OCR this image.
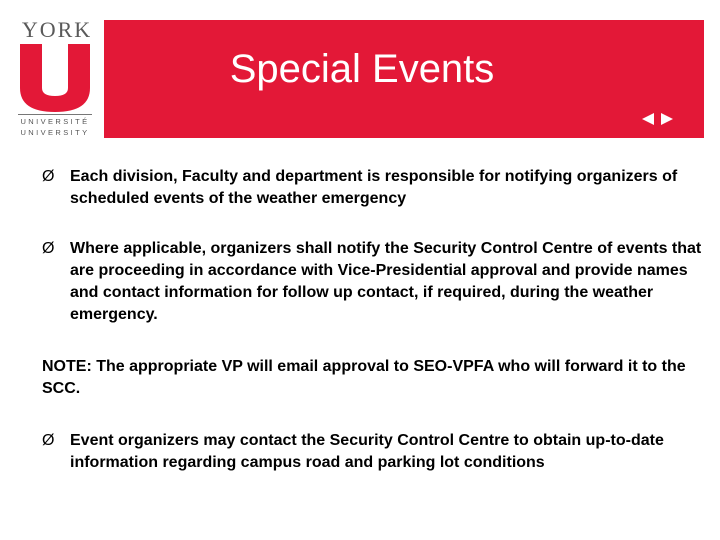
YORK
UNIVERSITÉ
UNIVERSITY
Special Events

Ø Each division, Faculty and department is responsible for notifying organizers of scheduled events of the weather emergency

Ø Where applicable, organizers shall notify the Security Control Centre of events that are proceeding in accordance with Vice-Presidential approval and provide names and contact information for follow up contact, if required, during the weather emergency.

NOTE: The appropriate VP will email approval to SEO-VPFA who will forward it to the SCC.

Ø Event organizers may contact the Security Control Centre to obtain up-to-date information regarding campus road and parking lot conditions
